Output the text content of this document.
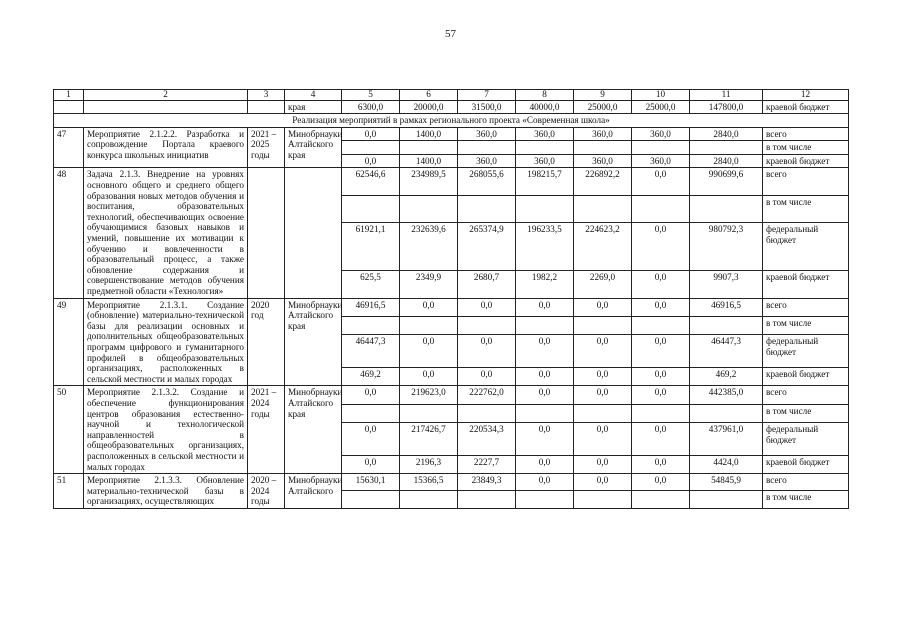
57
1	2	3	4	5	6	7	8	9	10	11	12
			края	6300,0	20000,0	31500,0	40000,0	25000,0	25000,0	147800,0	краевой бюджет
Реализация мероприятий в рамках регионального проекта «Современная школа»											
47	Мероприятие 2.1.2.2. Разработка и сопровождение Портала краевого конкурса школьных инициатив	2021 – 2025 годы	Минобрнауки Алтайского края	0,0	1400,0	360,0	360,0	360,0	360,0	2840,0	всего
											в том числе
				0,0	1400,0	360,0	360,0	360,0	360,0	2840,0	краевой бюджет
48	Задача 2.1.3. Внедрение на уровнях основного общего и среднего общего образования новых методов обучения и воспитания, образовательных технологий, обеспечивающих освоение обучающимися базовых навыков и умений, повышение их мотивации к обучению и вовлеченности в образовательный процесс, а также обновление содержания и совершенствование методов обучения предметной области «Технология»			62546,6	234989,5	268055,6	198215,7	226892,2	0,0	990699,6	всего
											в том числе
				61921,1	232639,6	265374,9	196233,5	224623,2	0,0	980792,3	федеральный бюджет
				625,5	2349,9	2680,7	1982,2	2269,0	0,0	9907,3	краевой бюджет
49	Мероприятие 2.1.3.1. Создание (обновление) материально-технической базы для реализации основных и дополнительных общеобразовательных программ цифрового и гуманитарного профилей в общеобразовательных организациях, расположенных в сельской местности и малых городах	2020 год	Минобрнауки Алтайского края	46916,5	0,0	0,0	0,0	0,0	0,0	46916,5	всего
											в том числе
				46447,3	0,0	0,0	0,0	0,0	0,0	46447,3	федеральный бюджет
				469,2	0,0	0,0	0,0	0,0	0,0	469,2	краевой бюджет
50	Мероприятие 2.1.3.2. Создание и обеспечение функционирования центров образования естественно-научной и технологической направленностей в общеобразовательных организациях, расположенных в сельской местности и малых городах	2021 – 2024 годы	Минобрнауки Алтайского края	0,0	219623,0	222762,0	0,0	0,0	0,0	442385,0	всего
											в том числе
				0,0	217426,7	220534,3	0,0	0,0	0,0	437961,0	федеральный бюджет
				0,0	2196,3	2227,7	0,0	0,0	0,0	4424,0	краевой бюджет
51	Мероприятие 2.1.3.3. Обновление материально-технической базы в организациях, осуществляющих	2020 – 2024 годы	Минобрнауки Алтайского	15630,1	15366,5	23849,3	0,0	0,0	0,0	54845,9	всего
											в том числе
